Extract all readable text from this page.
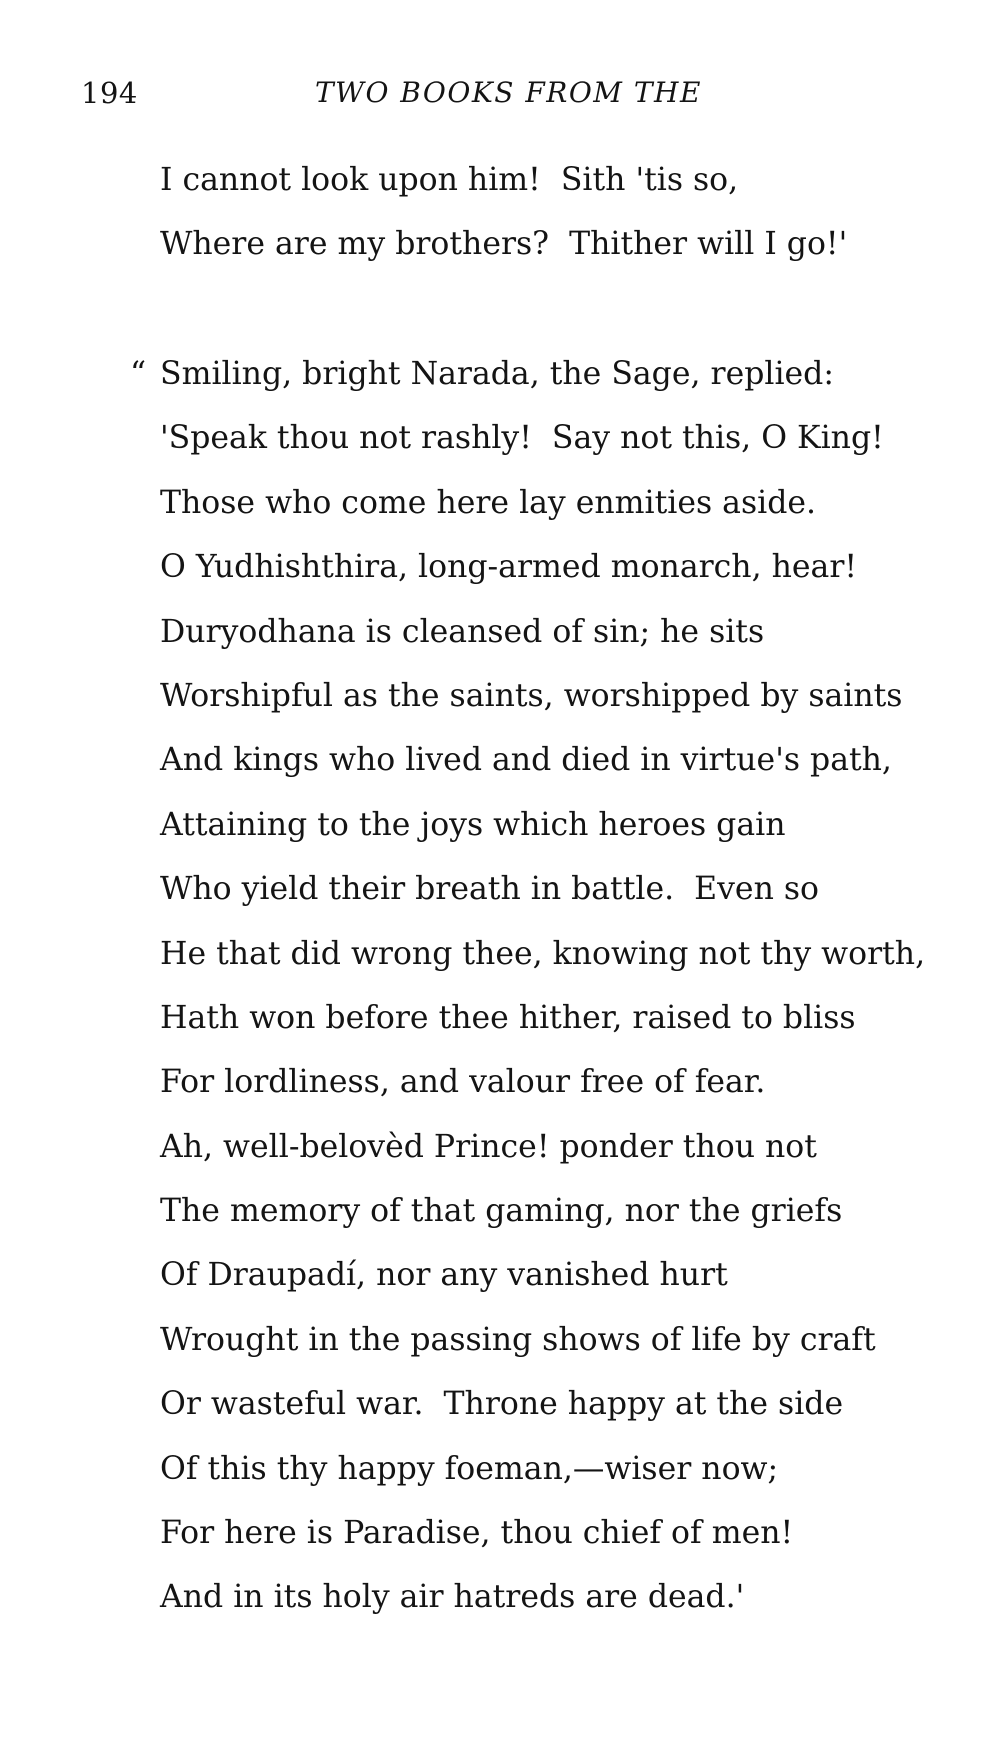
194	TWO BOOKS FROM THE
I cannot look upon him!  Sith 'tis so,
Where are my brothers?  Thither will I go!'
“ Smiling, bright Narada, the Sage, replied:
'Speak thou not rashly!  Say not this, O King!
Those who come here lay enmities aside.
O Yudhishthira, long-armed monarch, hear!
Duryodhana is cleansed of sin; he sits
Worshipful as the saints, worshipped by saints
And kings who lived and died in virtue's path,
Attaining to the joys which heroes gain
Who yield their breath in battle.  Even so
He that did wrong thee, knowing not thy worth,
Hath won before thee hither, raised to bliss
For lordliness, and valour free of fear.
Ah, well-belovèd Prince! ponder thou not
The memory of that gaming, nor the griefs
Of Draupadí, nor any vanished hurt
Wrought in the passing shows of life by craft
Or wasteful war.  Throne happy at the side
Of this thy happy foeman,—wiser now;
For here is Paradise, thou chief of men!
And in its holy air hatreds are dead.'
